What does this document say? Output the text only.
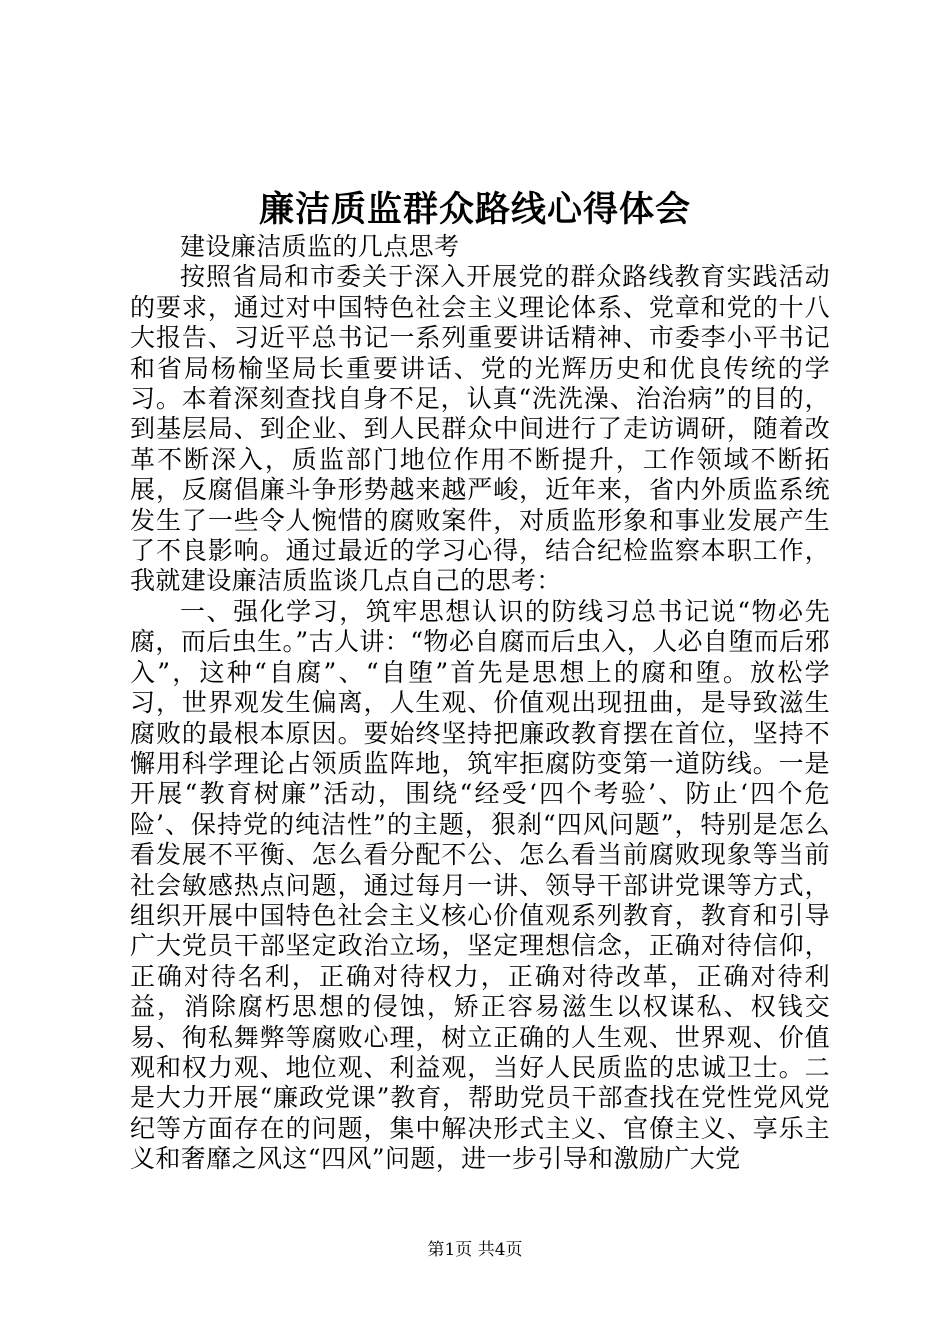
廉洁质监群众路线心得体会

建设廉洁质监的几点思考

按照省局和市委关于深入开展党的群众路线教育实践活动的要求，通过对中国特色社会主义理论体系、党章和党的十八大报告、习近平总书记一系列重要讲话精神、市委李小平书记和省局杨榆坚局长重要讲话、党的光辉历史和优良传统的学习。本着深刻查找自身不足，认真“洗洗澡、治治病”的目的，到基层局、到企业、到人民群众中间进行了走访调研，随着改革不断深入，质监部门地位作用不断提升，工作领域不断拓展，反腐倡廉斗争形势越来越严峻，近年来，省内外质监系统发生了一些令人惋惜的腐败案件，对质监形象和事业发展产生了不良影响。通过最近的学习心得，结合纪检监察本职工作，我就建设廉洁质监谈几点自己的思考：

一、强化学习，筑牢思想认识的防线习总书记说“物必先腐，而后虫生。”古人讲：“物必自腐而后虫入，人必自堕而后邪入”，这种“自腐”、“自堕”首先是思想上的腐和堕。放松学习，世界观发生偏离，人生观、价值观出现扭曲，是导致滋生腐败的最根本原因。要始终坚持把廉政教育摆在首位，坚持不懈用科学理论占领质监阵地，筑牢拒腐防变第一道防线。一是开展“教育树廉”活动，围绕“经受‘四个考验’、防止‘四个危险’、保持党的纯洁性”的主题，狠刹“四风问题”，特别是怎么看发展不平衡、怎么看分配不公、怎么看当前腐败现象等当前社会敏感热点问题，通过每月一讲、领导干部讲党课等方式，组织开展中国特色社会主义核心价值观系列教育，教育和引导广大党员干部坚定政治立场，坚定理想信念，正确对待信仰，正确对待名利，正确对待权力，正确对待改革，正确对待利益，消除腐朽思想的侵蚀，矫正容易滋生以权谋私、权钱交易、徇私舞弊等腐败心理，树立正确的人生观、世界观、价值观和权力观、地位观、利益观，当好人民质监的忠诚卫士。二是大力开展“廉政党课”教育，帮助党员干部查找在党性党风党纪等方面存在的问题，集中解决形式主义、官僚主义、享乐主义和奢靡之风这“四风”问题，进一步引导和激励广大党

第1页 共4页
